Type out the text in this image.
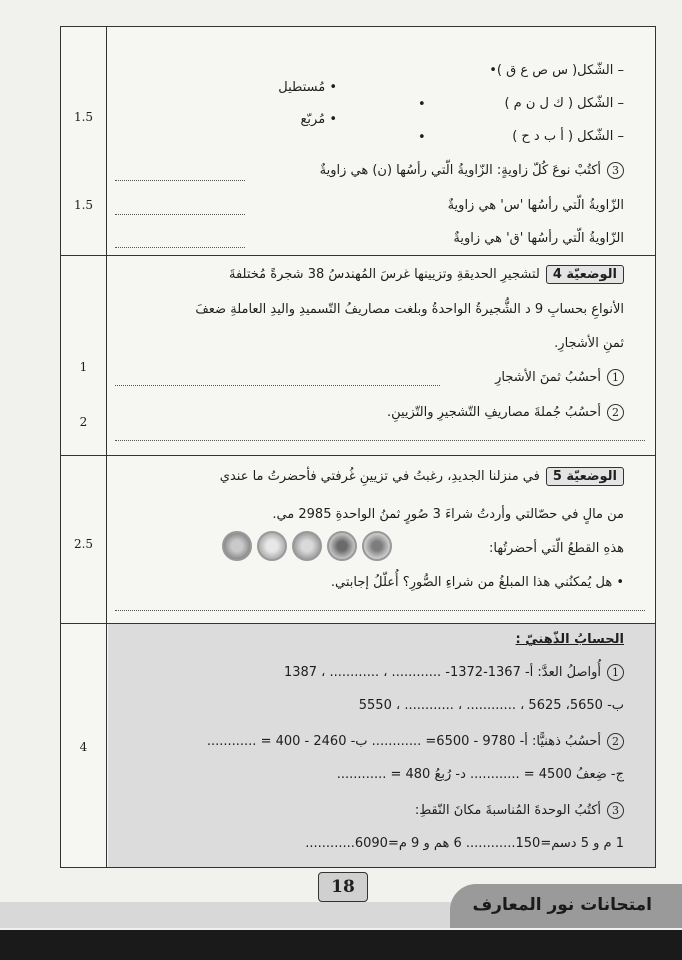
1.5
1.5
– الشّكل( س ص ع ق )•
– الشّكل ( ك ل ن م )
– الشّكل ( أ ب د ح )
• مُستطيل
• مُربّع
•
•
3أكتُبْ نوعَ كُلّ زاويةٍ: الزّاويةُ الّتي رأسُها (ن) هي زاويةٌ
الزّاويةُ الّتي رأسُها 'س' هي زاويةٌ
الزّاويةُ الّتي رأسُها 'ق' هي زاويةٌ
الوضعيّة 4لتشجيرِ الحديقةِ وتزيينها غرسَ المُهندسُ 38 شجرةً مُختلفةَ
الأنواعِ بحسابِ 9 د الشُّجيرةُ الواحدةُ وبلغت مصاريفُ التّسميدِ واليدِ العاملةِ ضعفَ
ثمنِ الأشجارِ.
1
1أحسُبُ ثمنَ الأشجارِ
2
2أحسُبُ جُملةَ مصاريفِ التّشجيرِ والتّزيينِ.
الوضعيّة 5في منزلنا الجديدِ، رغبتُ في تزيينِ غُرفتي فأحضرتُ ما عندي
من مالٍ في حصّالتي وأردتُ شراءَ 3 صُورٍ ثمنُ الواحدةِ 2985 مي.
2.5	هذهِ القطعُ الّتي أحضرتُها:
• هل يُمكنُني هذا المبلغُ من شراءِ الصُّورِ؟ أُعلّلُ إجابتي.
الحسابُ الذّهنيّ :
1أُواصلُ العدَّ: أ- 1367-1372- ............ ، ............ ، 1387
ب- 5650، 5625 ، ............ ، ............ ، 5550
4	2أحسُبُ ذهنيًّا: أ- 9780 - 6500= ............ ب- 2460 - 400 = ............
ج- ضِعفُ 4500 = ............ د- رُبعُ 480 = ............
3أكتُبُ الوحدةَ المُناسبةَ مكانَ النّقطِ:
1 م و 5 دسم=150............ 6 هم و 9 م=6090............
18
امتحانات نور المعارف
